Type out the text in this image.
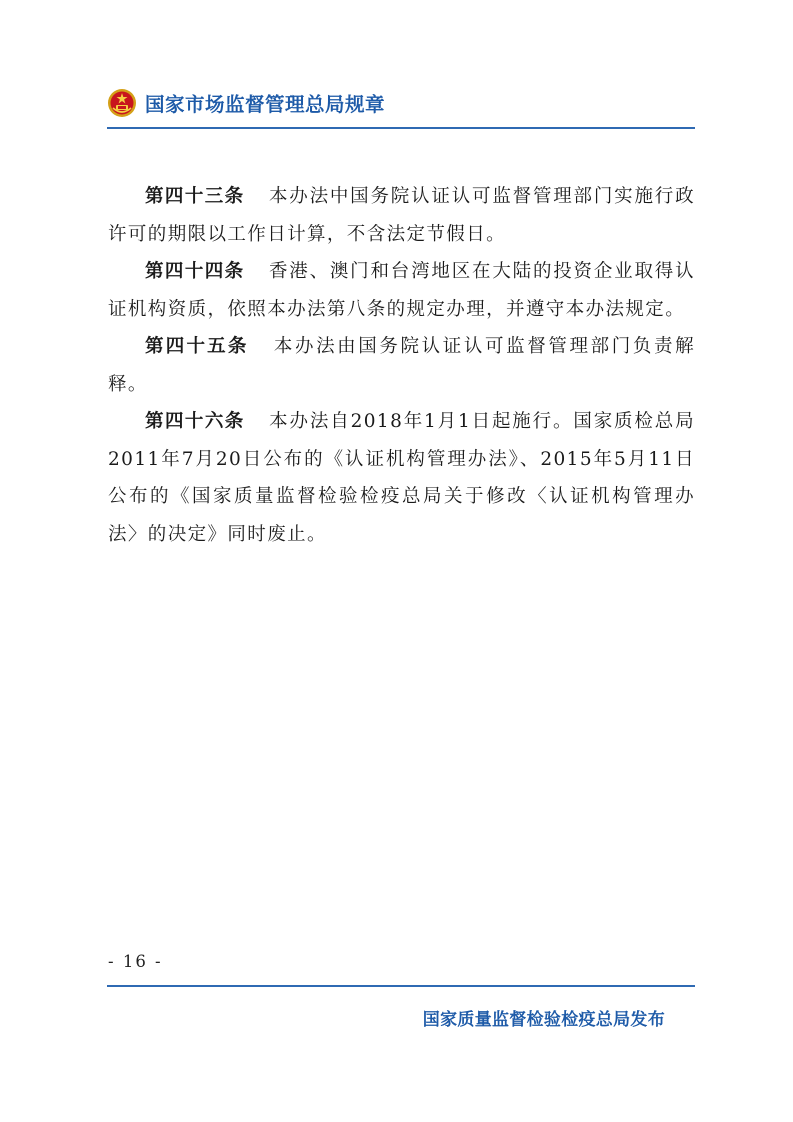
国家市场监督管理总局规章

第四十三条 本办法中国务院认证认可监督管理部门实施行政许可的期限以工作日计算，不含法定节假日。

第四十四条 香港、澳门和台湾地区在大陆的投资企业取得认证机构资质，依照本办法第八条的规定办理，并遵守本办法规定。

第四十五条 本办法由国务院认证认可监督管理部门负责解释。

第四十六条 本办法自2018年1月1日起施行。国家质检总局2011年7月20日公布的《认证机构管理办法》、2015年5月11日公布的《国家质量监督检验检疫总局关于修改〈认证机构管理办法〉的决定》同时废止。

- 16 -
国家质量监督检验检疫总局发布
